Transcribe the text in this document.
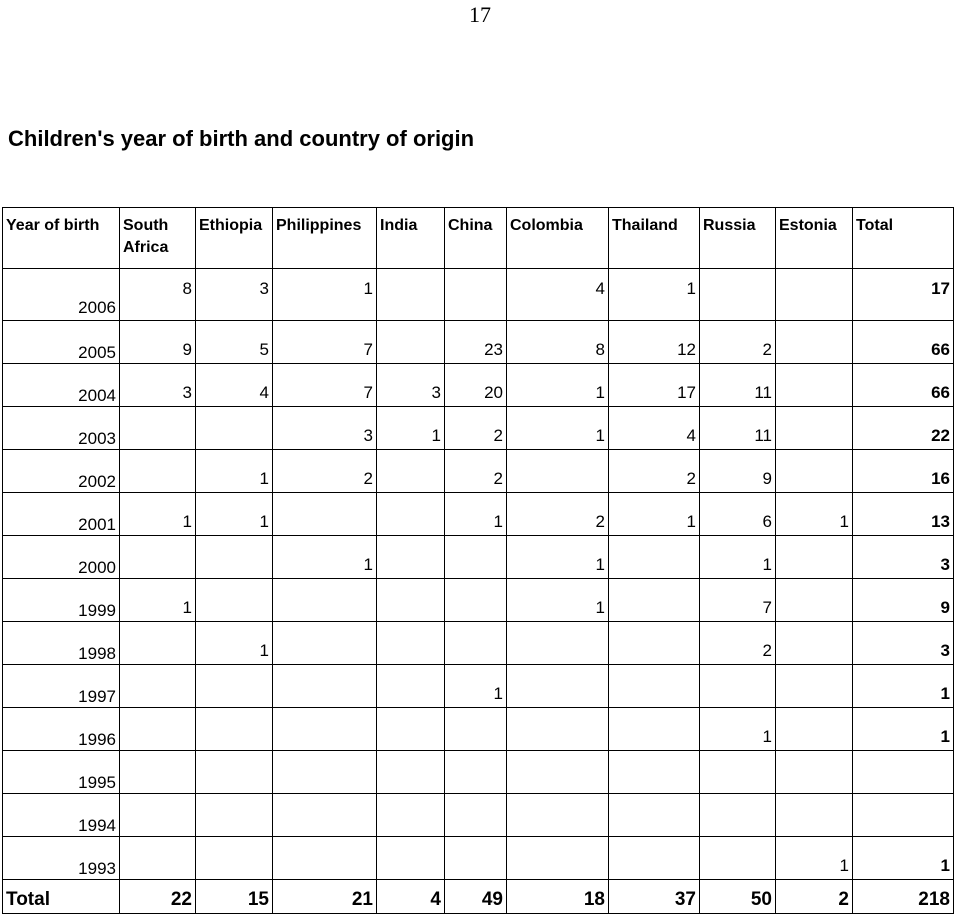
17
Children's year of birth and country of origin
Year of birth	South Africa	Ethiopia	Philippines	India	China	Colombia	Thailand	Russia	Estonia	Total
2006	8	3	1			4	1			17
2005	9	5	7		23	8	12	2		66
2004	3	4	7	3	20	1	17	11		66
2003			3	1	2	1	4	11		22
2002		1	2		2		2	9		16
2001	1	1			1	2	1	6	1	13
2000			1			1		1		3
1999	1					1		7		9
1998		1						2		3
1997					1					1
1996								1		1
1995										
1994										
1993									1	1
Total	22	15	21	4	49	18	37	50	2	218
